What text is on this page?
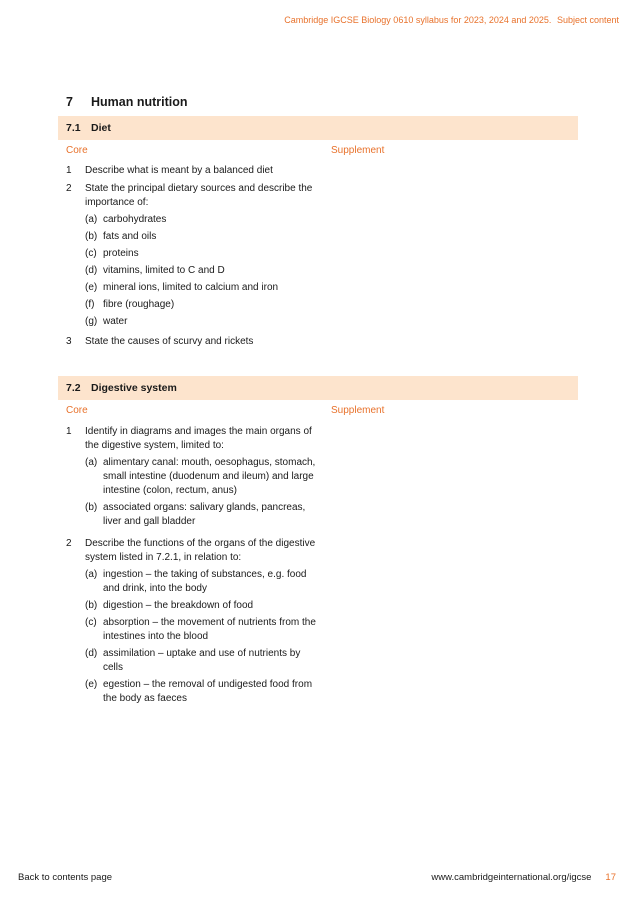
Cambridge IGCSE Biology 0610 syllabus for 2023, 2024 and 2025. Subject content
7 Human nutrition
7.1 Diet
Core	Supplement
1	Describe what is meant by a balanced diet
2	State the principal dietary sources and describe the importance of:
(a) carbohydrates
(b) fats and oils
(c) proteins
(d) vitamins, limited to C and D
(e) mineral ions, limited to calcium and iron
(f) fibre (roughage)
(g) water
3	State the causes of scurvy and rickets
7.2 Digestive system
Core	Supplement
1	Identify in diagrams and images the main organs of the digestive system, limited to:
(a) alimentary canal: mouth, oesophagus, stomach, small intestine (duodenum and ileum) and large intestine (colon, rectum, anus)
(b) associated organs: salivary glands, pancreas, liver and gall bladder
2	Describe the functions of the organs of the digestive system listed in 7.2.1, in relation to:
(a) ingestion – the taking of substances, e.g. food and drink, into the body
(b) digestion – the breakdown of food
(c) absorption – the movement of nutrients from the intestines into the blood
(d) assimilation – uptake and use of nutrients by cells
(e) egestion – the removal of undigested food from the body as faeces
Back to contents page	www.cambridgeinternational.org/igcse 17
